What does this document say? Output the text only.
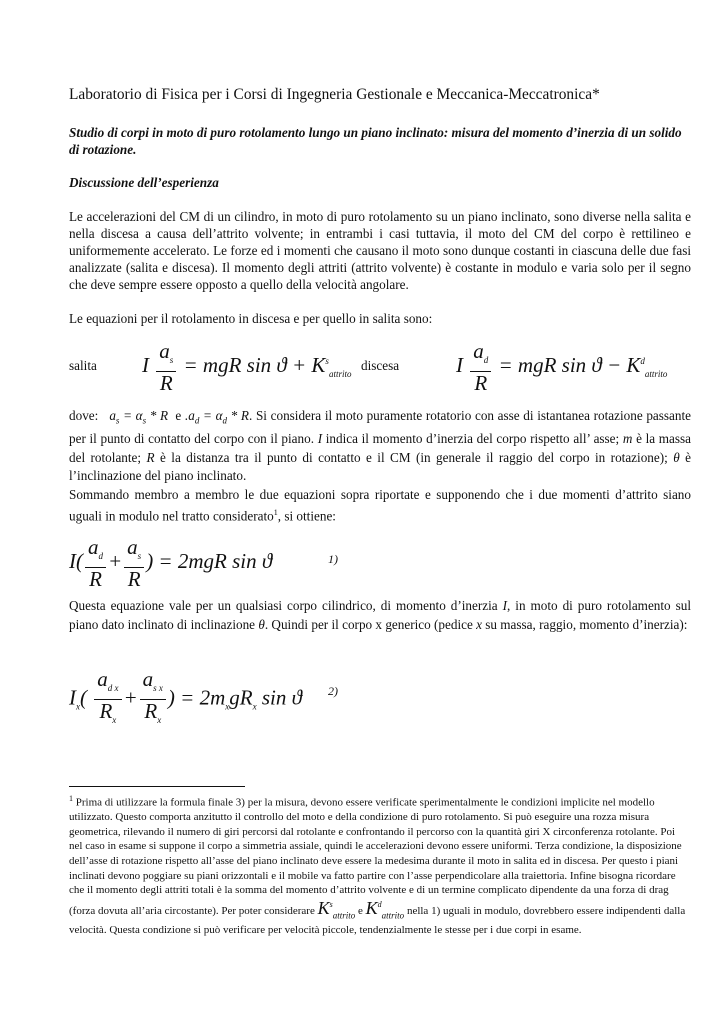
Laboratorio di Fisica per i Corsi di Ingegneria Gestionale e Meccanica-Meccatronica*
Studio di corpi in moto di puro rotolamento lungo un piano inclinato: misura del momento d’inerzia di un solido di rotazione.
Discussione dell’esperienza
Le accelerazioni del CM di un cilindro, in moto di puro rotolamento su un piano inclinato, sono diverse nella salita e nella discesa a causa dell’attrito volvente; in entrambi i casi tuttavia, il moto del CM del corpo è rettilineo e uniformemente accelerato. Le forze ed i momenti che causano il moto sono dunque costanti in ciascuna delle due fasi analizzate (salita e discesa). Il momento degli attriti (attrito volvente) è costante in modulo e varia solo per il segno che deve sempre essere opposto a quello della velocità angolare.
Le equazioni per il rotolamento in discesa e per quello in salita sono:
salita I $\frac{a_s}{R}$ = mgR $\sin ϑ + K^s_{attrito}$
discesa	I $\frac{a_d}{R}$ = mgR $\sin ϑ - K^d_{attrito}$
dove: $a_s = \alpha_s * R$ e $.a_d = \alpha_d * R$. Si considera il moto puramente rotatorio con asse di istantanea rotazione passante per il punto di contatto del corpo con il piano. I indica il momento d’inerzia del corpo rispetto all’ asse; m è la massa del rotolante; R è la distanza tra il punto di contatto e il CM (in generale il raggio del corpo in rotazione); θ è l’inclinazione del piano inclinato.
Sommando membro a membro le due equazioni sopra riportate e supponendo che i due momenti d’attrito siano uguali in modulo nel tratto considerato$^1$, si ottiene:
$I( \frac{a_d}{R} + \frac{a_s}{R}$ ) = 2mgR sin ϑ	1)
Questa equazione vale per un qualsiasi corpo cilindrico, di momento d’inerzia I, in moto di puro rotolamento sul piano dato inclinato di inclinazione θ. Quindi per il corpo x generico (pedice x su massa, raggio, momento d’inerzia):
$I_x( \frac{a_{d x}}{R_x} + \frac{a_{s x}}{R_x}$ ) = $2m_xgR_x$ sin ϑ 2)
$^1$ Prima di utilizzare la formula finale 3) per la misura, devono essere verificate sperimentalmente le condizioni implicite nel modello utilizzato. Questo comporta anzitutto il controllo del moto e della condizione di puro rotolamento. Si può eseguire una rozza misura geometrica, rilevando il numero di giri percorsi dal rotolante e confrontando il percorso con la quantità giri X circonferenza rotolante. Poi nel caso in esame si suppone il corpo a simmetria assiale, quindi le accelerazioni devono essere uniformi. Terza condizione, la disposizione dell’asse di rotazione rispetto all’asse del piano inclinato deve essere la medesima durante il moto in salita ed in discesa. Per questo i piani inclinati devono poggiare su piani orizzontali e il mobile va fatto partire con l’asse perpendicolare alla traiettoria. Infine bisogna ricordare che il momento degli attriti totali è la somma del momento d’attrito volvente e di un termine complicato dipendente da una forza di drag (forza dovuta all’aria circostante). Per poter considerare $K^s_{attrito}$ e $K^d_{attrito}$ nella 1) uguali in modulo, dovrebbero essere indipendenti dalla velocità. Questa condizione si può verificare per velocità piccole, tendenzialmente le stesse per i due corpi in esame.
